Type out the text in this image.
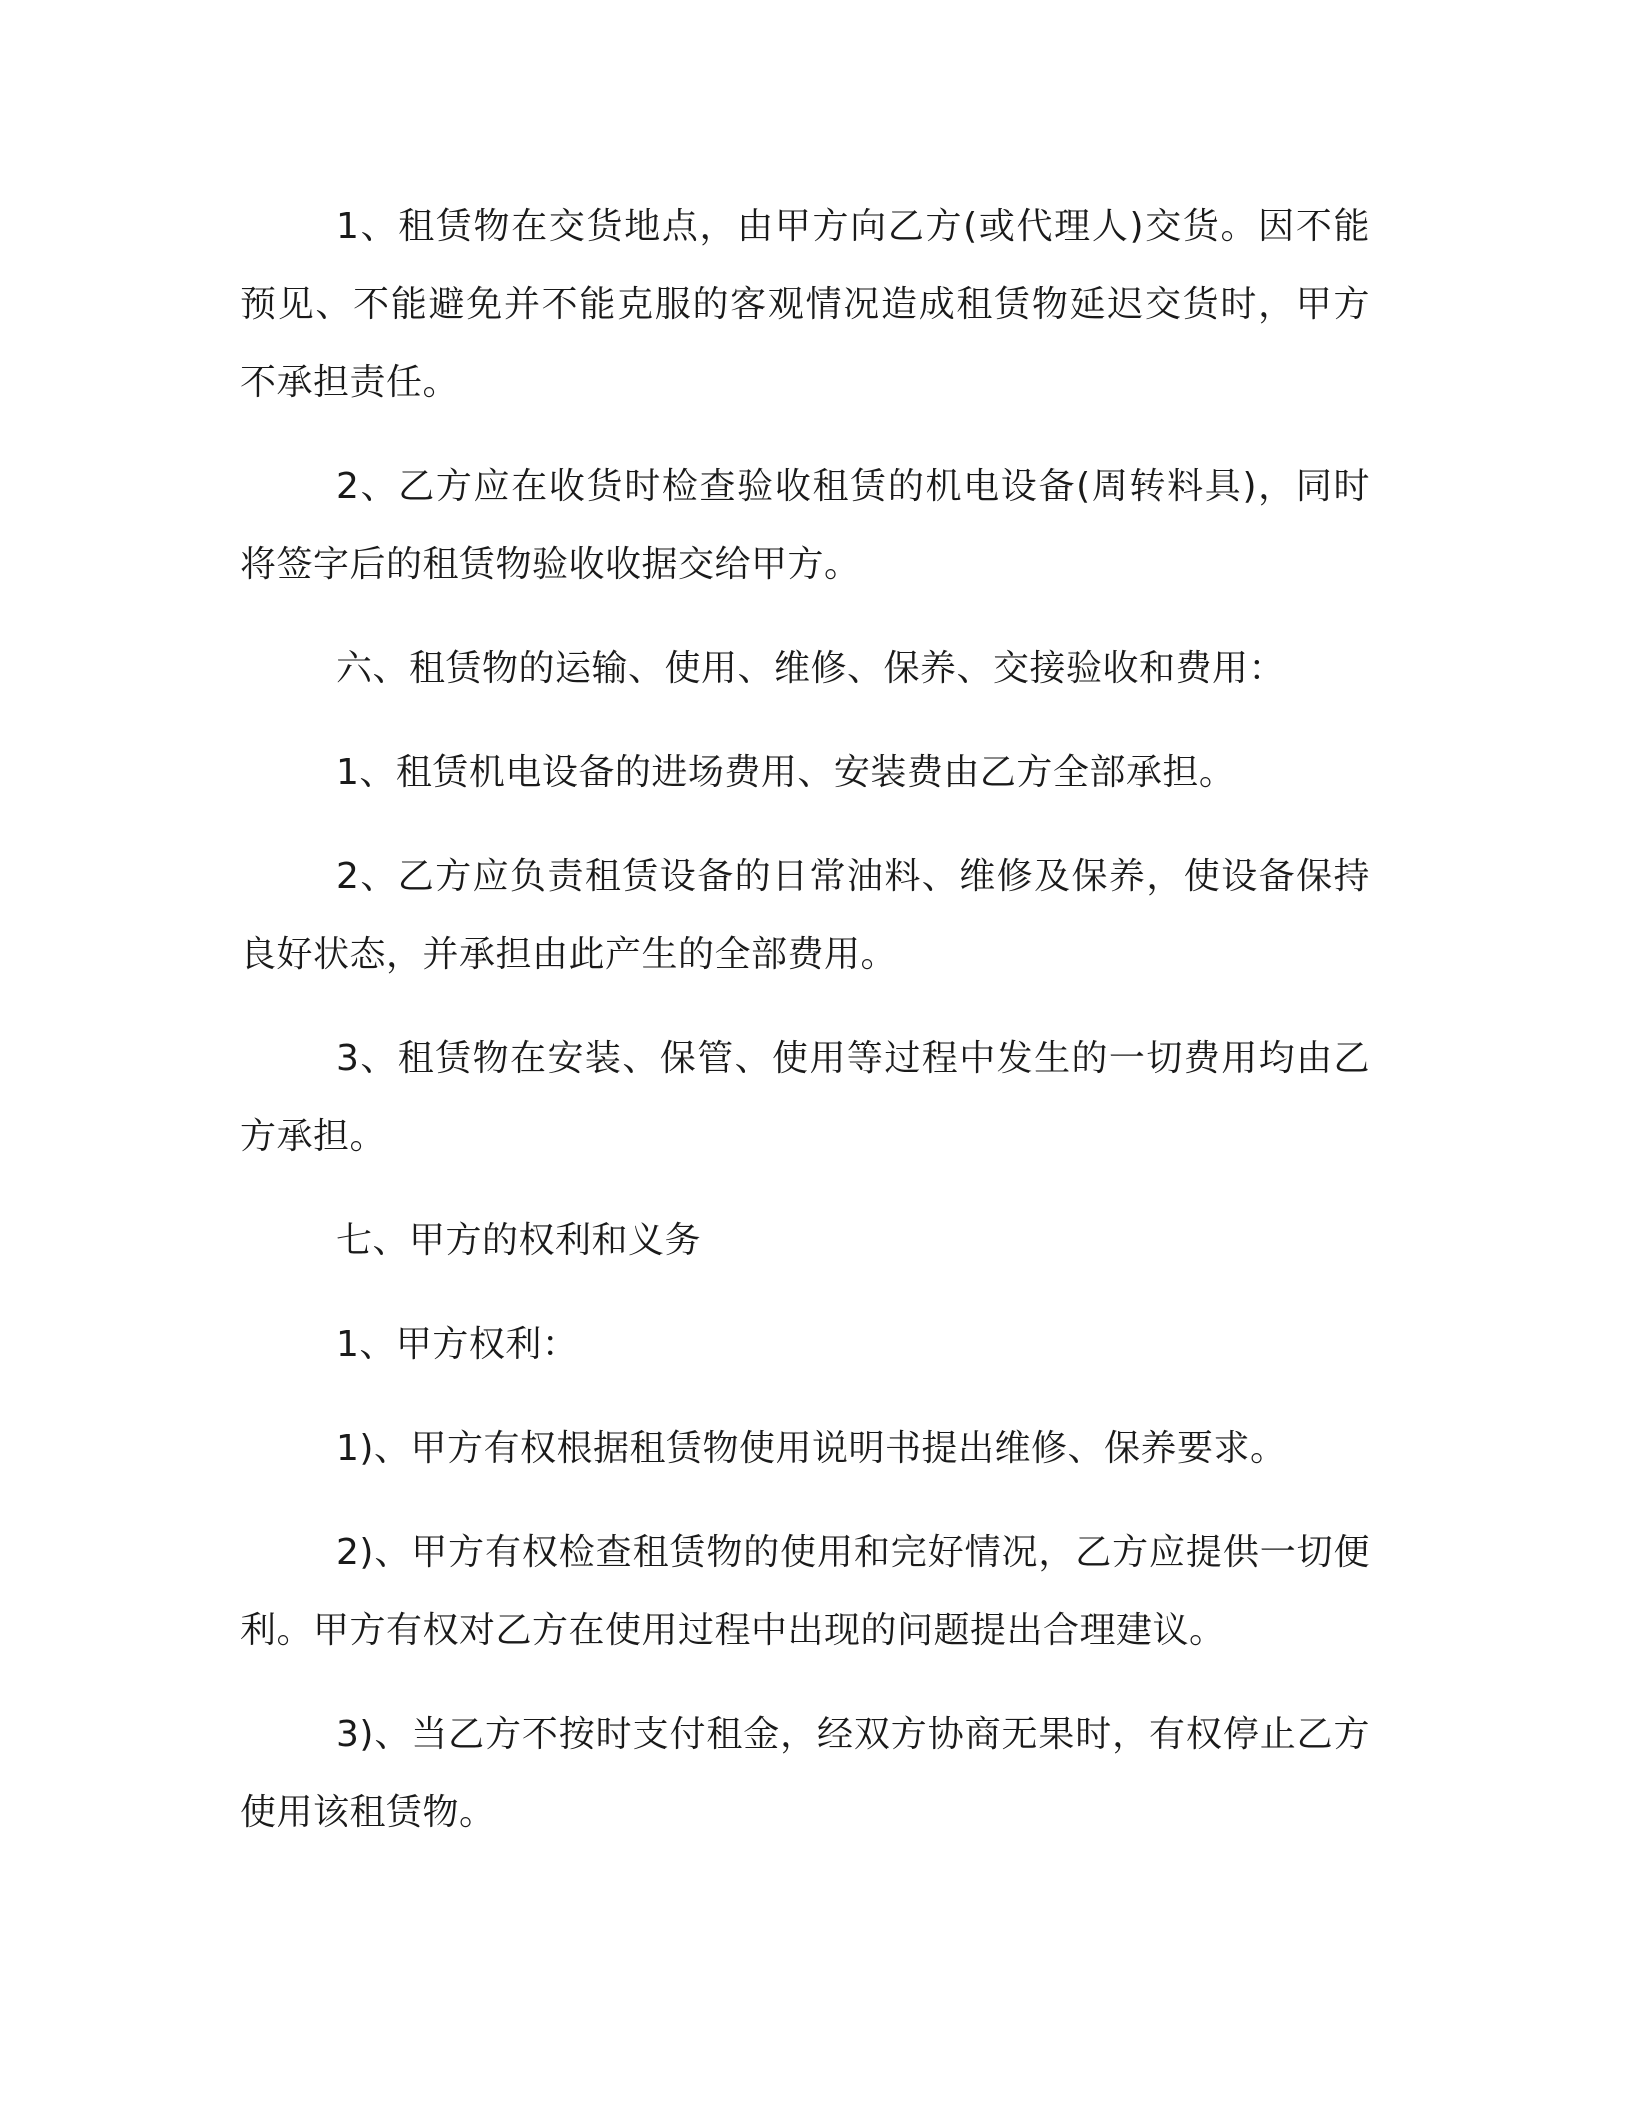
1、租赁物在交货地点，由甲方向乙方(或代理人)交货。因不能预见、不能避免并不能克服的客观情况造成租赁物延迟交货时，甲方不承担责任。

2、乙方应在收货时检查验收租赁的机电设备(周转料具)，同时将签字后的租赁物验收收据交给甲方。

六、租赁物的运输、使用、维修、保养、交接验收和费用：

1、租赁机电设备的进场费用、安装费由乙方全部承担。

2、乙方应负责租赁设备的日常油料、维修及保养，使设备保持良好状态，并承担由此产生的全部费用。

3、租赁物在安装、保管、使用等过程中发生的一切费用均由乙方承担。

七、甲方的权利和义务

1、甲方权利：

1)、甲方有权根据租赁物使用说明书提出维修、保养要求。

2)、甲方有权检查租赁物的使用和完好情况，乙方应提供一切便利。甲方有权对乙方在使用过程中出现的问题提出合理建议。

3)、当乙方不按时支付租金，经双方协商无果时，有权停止乙方使用该租赁物。
